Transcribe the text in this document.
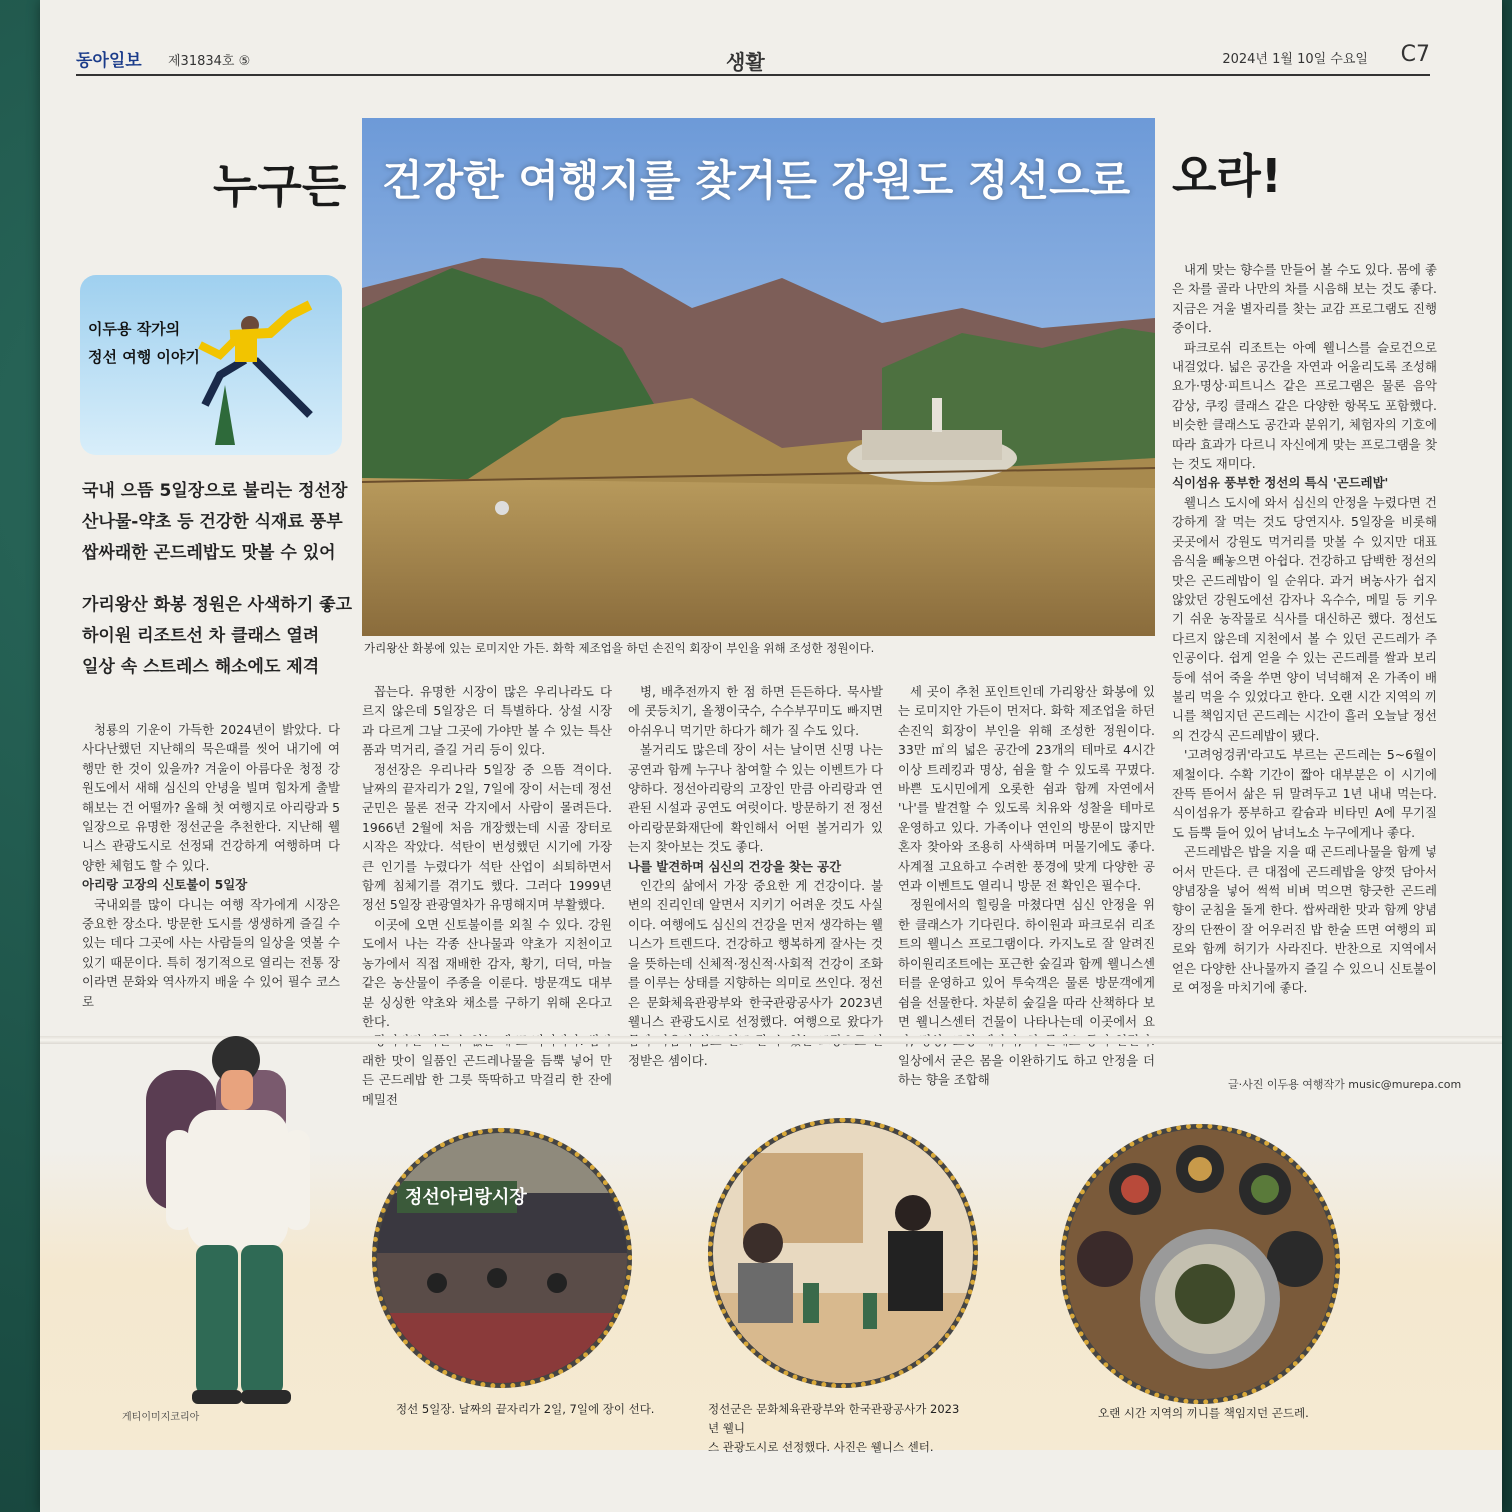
동아일보 제31834호 ⑤	생활	2024년 1월 10일 수요일 C7
누구든 건강한 여행지를 찾거든 강원도 정선으로 오라!
가리왕산 화봉에 있는 로미지안 가든. 화학 제조업을 하던 손진익 회장이 부인을 위해 조성한 정원이다.
이두용 작가의
정선 여행 이야기
국내 으뜸 5일장으로 불리는 정선장
산나물-약초 등 건강한 식재료 풍부
쌉싸래한 곤드레밥도 맛볼 수 있어
가리왕산 화봉 정원은 사색하기 좋고
하이원 리조트선 차 클래스 열려
일상 속 스트레스 해소에도 제격

청룡의 기운이 가득한 2024년이 밝았다. 다사다난했던 지난해의 묵은때를 씻어 내기에 여행만 한 것이 있을까? 겨울이 아름다운 청정 강원도에서 새해 심신의 안녕을 빌며 힘차게 출발해보는 건 어떨까? 올해 첫 여행지로 아리랑과 5일장으로 유명한 정선군을 추천한다. 지난해 웰니스 관광도시로 선정돼 건강하게 여행하며 다양한 체험도 할 수 있다.

아리랑 고장의 신토불이 5일장

국내외를 많이 다니는 여행 작가에게 시장은 중요한 장소다. 방문한 도시를 생생하게 즐길 수 있는 데다 그곳에 사는 사람들의 일상을 엿볼 수 있기 때문이다. 특히 정기적으로 열리는 전통 장이라면 문화와 역사까지 배울 수 있어 필수 코스로

꼽는다. 유명한 시장이 많은 우리나라도 다르지 않은데 5일장은 더 특별하다. 상설 시장과 다르게 그날 그곳에 가야만 볼 수 있는 특산품과 먹거리, 즐길 거리 등이 있다.

정선장은 우리나라 5일장 중 으뜸 격이다. 날짜의 끝자리가 2일, 7일에 장이 서는데 정선 군민은 물론 전국 각지에서 사람이 몰려든다. 1966년 2월에 처음 개장했는데 시골 장터로 시작은 작았다. 석탄이 번성했던 시기에 가장 큰 인기를 누렸다가 석탄 산업이 쇠퇴하면서 함께 침체기를 겪기도 했다. 그러다 1999년 정선 5일장 관광열차가 유명해지며 부활했다.

이곳에 오면 신토불이를 외칠 수 있다. 강원도에서 나는 각종 산나물과 약초가 지천이고 농가에서 직접 재배한 감자, 황기, 더덕, 마늘 같은 농산물이 주종을 이룬다. 방문객도 대부분 싱싱한 약초와 채소를 구하기 위해 온다고 한다.

래한 맛이 일품인 곤드레나물을 듬뿍 넣어 만든 곤드레밥 한 그릇 뚝딱하고 막걸리 한 잔에 메밀전

병, 배추전까지 한 점 하면 든든하다. 묵사발에 콧등치기, 올챙이국수, 수수부꾸미도 빠지면 아쉬우니 먹기만 하다가 해가 질 수도 있다.

볼거리도 많은데 장이 서는 날이면 신명 나는 공연과 함께 누구나 참여할 수 있는 이벤트가 다양하다. 정선아리랑의 고장인 만큼 아리랑과 연관된 시설과 공연도 여럿이다. 방문하기 전 정선아리랑문화재단에 확인해서 어떤 볼거리가 있는지 찾아보는 것도 좋다.

나를 발견하며 심신의 건강을 찾는 공간

인간의 삶에서 가장 중요한 게 건강이다. 불변의 진리인데 알면서 지키기 어려운 것도 사실이다. 여행에도 심신의 건강을 먼저 생각하는 웰니스가 트렌드다. 건강하고 행복하게 잘사는 것을 뜻하는데 신체적·정신적·사회적 건강이 조화를 이루는 상태를 지향하는 의미로 쓰인다. 정선은 문화체육관광부와 한국관광공사가 2023년 웰니스 관광도시로 선정했다. 여행으로 왔다가 정받은 셈이다.

세 곳이 추천 포인트인데 가리왕산 화봉에 있는 로미지안 가든이 먼저다. 화학 제조업을 하던 손진익 회장이 부인을 위해 조성한 정원이다. 33만 ㎡의 넓은 공간에 23개의 테마로 4시간 이상 트레킹과 명상, 쉼을 할 수 있도록 꾸몄다. 바쁜 도시민에게 오롯한 쉼과 함께 자연에서 '나'를 발견할 수 있도록 치유와 성찰을 테마로 운영하고 있다. 가족이나 연인의 방문이 많지만 혼자 찾아와 조용히 사색하며 머물기에도 좋다. 사계절 고요하고 수려한 풍경에 맞게 다양한 공연과 이벤트도 열리니 방문 전 확인은 필수다.

정원에서의 힐링을 마쳤다면 심신 안정을 위한 클래스가 기다린다. 하이원과 파크로쉬 리조트의 웰니스 프로그램이다. 카지노로 잘 알려진 하이원리조트에는 포근한 숲길과 함께 웰니스센터를 운영하고 있어 투숙객은 물론 방문객에게 쉼을 선물한다. 차분히 숲길을 따라 산책하다 보면 웰니스센터 건물이 나타나는데 이곳에서 요 일상에서 굳은 몸을 이완하기도 하고 안정을 더하는 향을 조합해

내게 맞는 향수를 만들어 볼 수도 있다. 몸에 좋은 차를 골라 나만의 차를 시음해 보는 것도 좋다. 지금은 겨울 별자리를 찾는 교감 프로그램도 진행 중이다.

파크로쉬 리조트는 아예 웰니스를 슬로건으로 내걸었다. 넓은 공간을 자연과 어울리도록 조성해 요가·명상·피트니스 같은 프로그램은 물론 음악 감상, 쿠킹 클래스 같은 다양한 항목도 포함했다. 비슷한 클래스도 공간과 분위기, 체험자의 기호에 따라 효과가 다르니 자신에게 맞는 프로그램을 찾는 것도 재미다.

식이섬유 풍부한 정선의 특식 '곤드레밥'

웰니스 도시에 와서 심신의 안정을 누렸다면 건강하게 잘 먹는 것도 당연지사. 5일장을 비롯해 곳곳에서 강원도 먹거리를 맛볼 수 있지만 대표 음식을 빼놓으면 아쉽다. 건강하고 담백한 정선의 맛은 곤드레밥이 일 순위다. 과거 벼농사가 쉽지 않았던 강원도에선 감자나 옥수수, 메밀 등 키우기 쉬운 농작물로 식사를 대신하곤 했다. 정선도 다르지 않은데 지천에서 볼 수 있던 곤드레가 주인공이다. 쉽게 얻을 수 있는 곤드레를 쌀과 보리 등에 섞어 죽을 쑤면 양이 넉넉해져 온 가족이 배불리 먹을 수 있었다고 한다. 오랜 시간 지역의 끼니를 책임지던 곤드레는 시간이 흘러 오늘날 정선의 건강식 곤드레밥이 됐다.

'고려엉겅퀴'라고도 부르는 곤드레는 5~6월이 제철이다. 수확 기간이 짧아 대부분은 이 시기에 잔뜩 뜯어서 삶은 뒤 말려두고 1년 내내 먹는다. 식이섬유가 풍부하고 칼슘과 비타민 A에 무기질도 듬뿍 들어 있어 남녀노소 누구에게나 좋다.

곤드레밥은 밥을 지을 때 곤드레나물을 함께 넣어서 만든다. 큰 대접에 곤드레밥을 양껏 담아서 양념장을 넣어 썩썩 비벼 먹으면 향긋한 곤드레 향이 군침을 돌게 한다. 쌉싸래한 맛과 함께 양념장의 단짠이 잘 어우러진 밥 한술 뜨면 여행의 피로와 함께 허기가 사라진다. 반찬으로 지역에서 얻은 다양한 산나물까지 즐길 수 있으니 신토불이로 여정을 마치기에 좋다.

글·사진 이두용 여행작가 music@murepa.com
게티이미지코리아
정선아리랑시장
정선 5일장. 날짜의 끝자리가 2일, 7일에 장이 선다.	정선군은 문화체육관광부와 한국관광공사가 2023년 웰니
스 관광도시로 선정했다. 사진은 웰니스 센터.
오랜 시간 지역의 끼니를 책임지던 곤드레.
